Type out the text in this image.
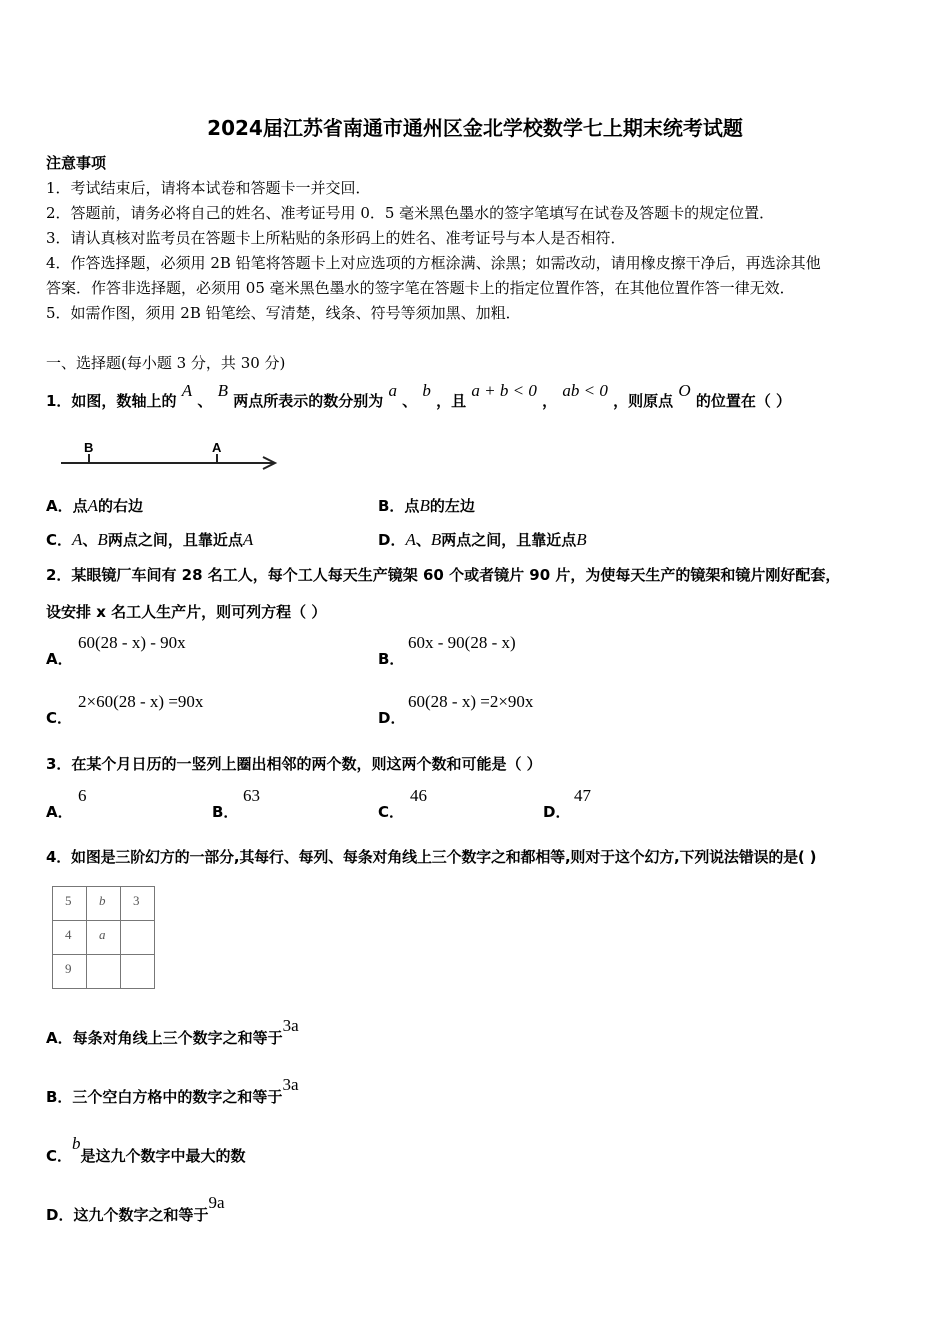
2024届江苏省南通市通州区金北学校数学七上期末统考试题
注意事项
1．考试结束后，请将本试卷和答题卡一并交回．
2．答题前，请务必将自己的姓名、准考证号用 0．5 毫米黑色墨水的签字笔填写在试卷及答题卡的规定位置．
3．请认真核对监考员在答题卡上所粘贴的条形码上的姓名、准考证号与本人是否相符．
4．作答选择题，必须用 2B 铅笔将答题卡上对应选项的方框涂满、涂黑；如需改动，请用橡皮擦干净后，再选涂其他
答案．作答非选择题，必须用 05 毫米黑色墨水的签字笔在答题卡上的指定位置作答，在其他位置作答一律无效．
5．如需作图，须用 2B 铅笔绘、写清楚，线条、符号等须加黑、加粗．
一、选择题(每小题 3 分，共 30 分)
1．如图，数轴上的 A 、 B 两点所表示的数分别为 a 、 b ，且 a + b < 0 ， ab < 0 ，则原点 O 的位置在（ ）
B	A
A．点A的右边	B．点B的左边
C．A、B两点之间，且靠近点A	D．A、B两点之间，且靠近点B
2．某眼镜厂车间有 28 名工人，每个工人每天生产镜架 60 个或者镜片 90 片，为使每天生产的镜架和镜片刚好配套，
设安排 x 名工人生产片，则可列方程（ ）
A．
60(28 - x) - 90x
B．
60x - 90(28 - x)
C．
2×60(28 - x) =90x
D．
60(28 - x) =2×90x
3．在某个月日历的一竖列上圈出相邻的两个数，则这两个数和可能是（ ）
A．
6
B．
63
C．
46
D．
47
4．如图是三阶幻方的一部分,其每行、每列、每条对角线上三个数字之和都相等,则对于这个幻方,下列说法错误的是( )
5	b	3
4	a	
9		
A．每条对角线上三个数字之和等于3a
B．三个空白方格中的数字之和等于3a
C．b是这九个数字中最大的数
D．这九个数字之和等于9a
